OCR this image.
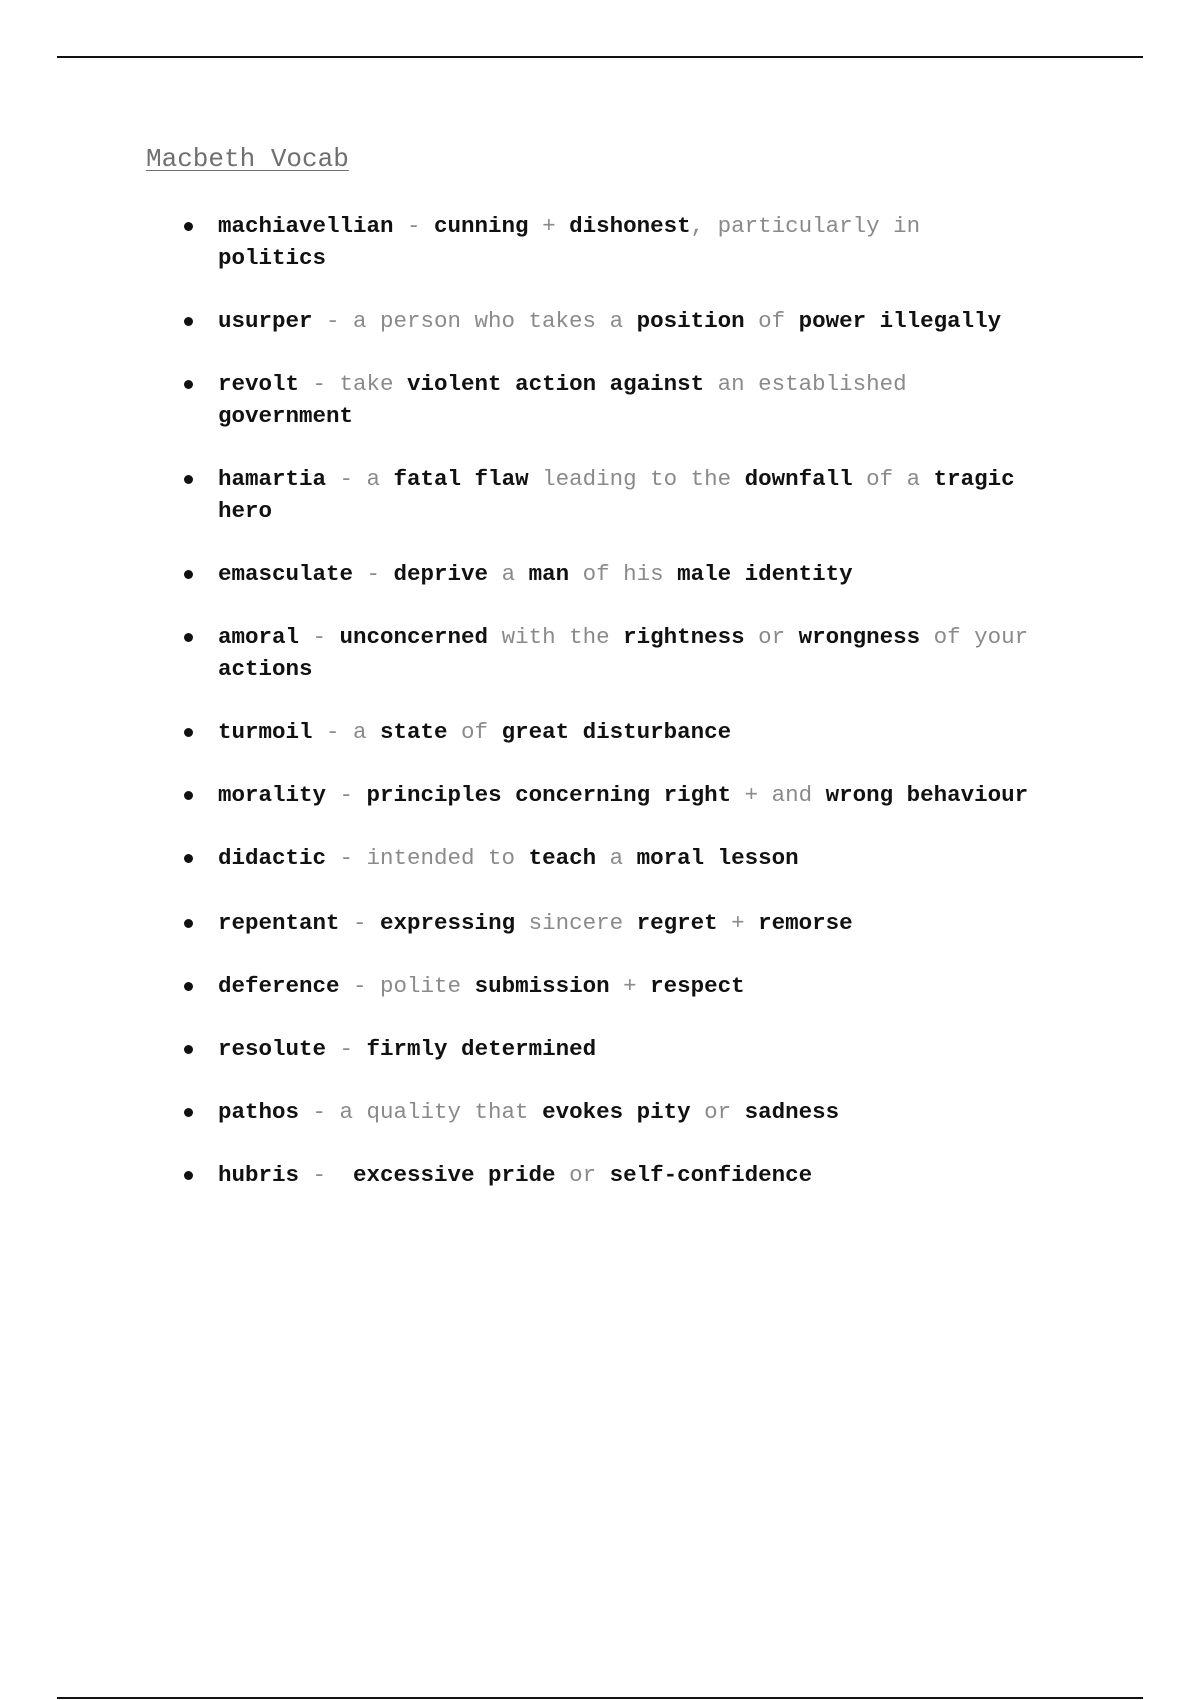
Macbeth Vocab
machiavellian - cunning + dishonest, particularly in
politics
usurper - a person who takes a position of power illegally
revolt - take violent action against an established
government
hamartia - a fatal flaw leading to the downfall of a tragic
hero
emasculate - deprive a man of his male identity
amoral - unconcerned with the rightness or wrongness of your
actions
turmoil - a state of great disturbance
morality - principles concerning right + and wrong behaviour
didactic - intended to teach a moral lesson
repentant - expressing sincere regret + remorse
deference - polite submission + respect
resolute - firmly determined
pathos - a quality that evokes pity or sadness
hubris -  excessive pride or self-confidence
